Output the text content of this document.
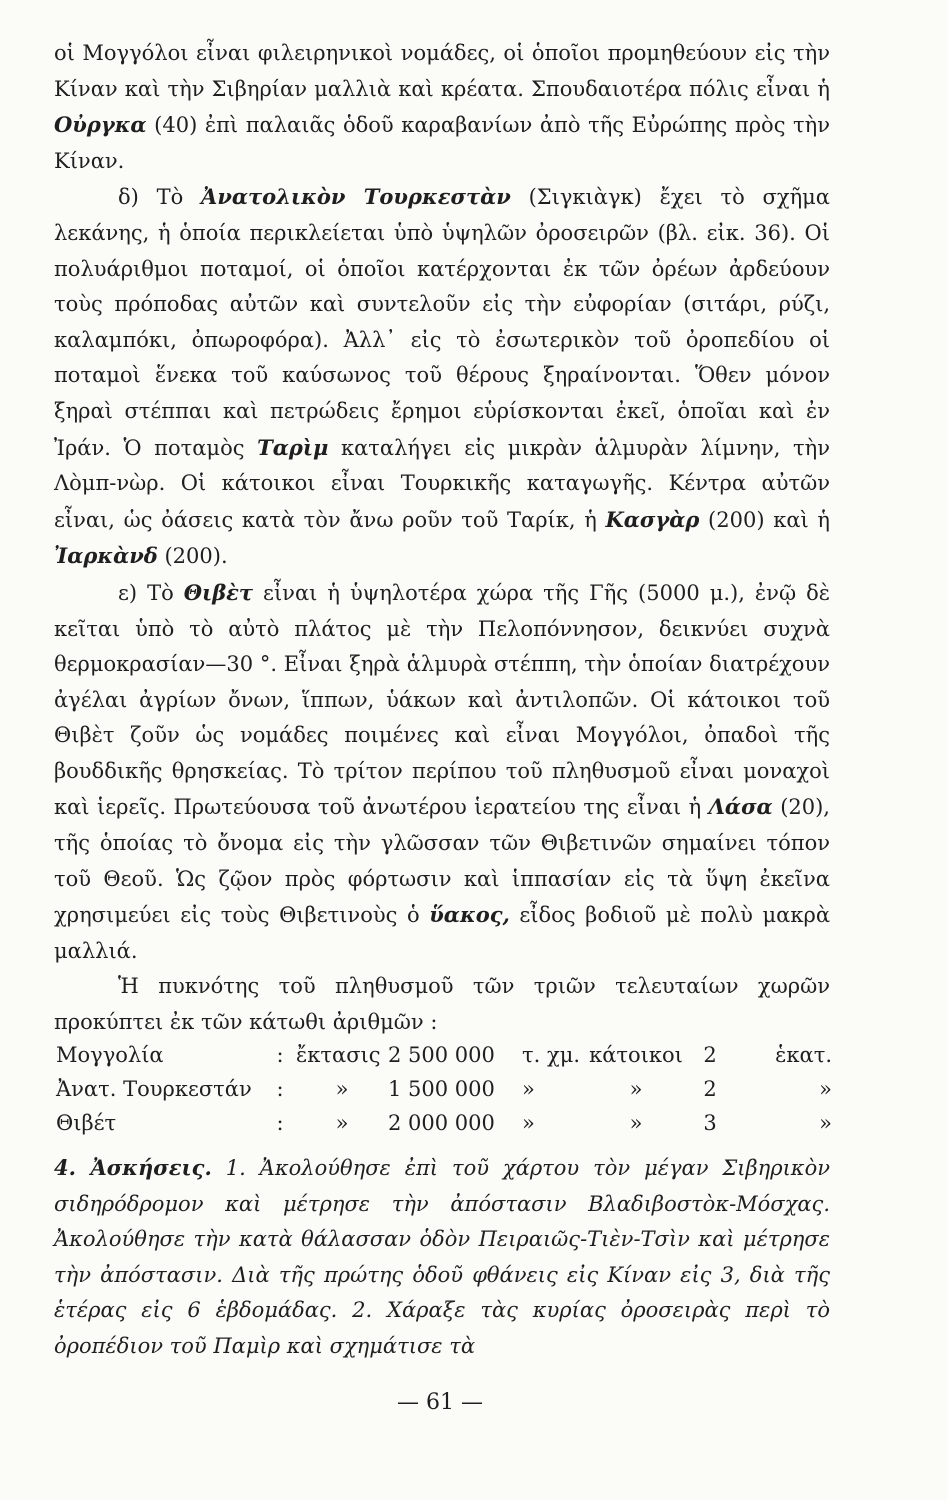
οἱ Μογγόλοι εἶναι φιλειρηνικοὶ νομάδες, οἱ ὁποῖοι προμηθεύουν εἰς τὴν Κίναν καὶ τὴν Σιβηρίαν μαλλιὰ καὶ κρέατα. Σπουδαιοτέρα πόλις εἶναι ἡ Οὐργκα (40) ἐπὶ παλαιᾶς ὁδοῦ καραβανίων ἀπὸ τῆς Εὐρώπης πρὸς τὴν Κίναν.

δ) Τὸ Ἀνατολικὸν Τουρκεστὰν (Σιγκιὰγκ) ἔχει τὸ σχῆμα λεκάνης, ἡ ὁποία περικλείεται ὑπὸ ὑψηλῶν ὀροσειρῶν (βλ. εἰκ. 36). Οἱ πολυάριθμοι ποταμοί, οἱ ὁποῖοι κατέρχονται ἐκ τῶν ὀρέων ἀρδεύουν τοὺς πρόποδας αὐτῶν καὶ συντελοῦν εἰς τὴν εὐφορίαν (σιτάρι, ρύζι, καλαμπόκι, ὀπωροφόρα). Ἀλλ᾽ εἰς τὸ ἐσωτερικὸν τοῦ ὀροπεδίου οἱ ποταμοὶ ἕνεκα τοῦ καύσωνος τοῦ θέρους ξηραίνονται. Ὅθεν μόνον ξηραὶ στέππαι καὶ πετρώδεις ἔρημοι εὑρίσκονται ἐκεῖ, ὁποῖαι καὶ ἐν Ἰράν. Ὁ ποταμὸς Ταρὶμ καταλήγει εἰς μικρὰν ἁλμυρὰν λίμνην, τὴν Λὸμπ-νὼρ. Οἱ κάτοικοι εἶναι Τουρκικῆς καταγωγῆς. Κέντρα αὐτῶν εἶναι, ὡς ὀάσεις κατὰ τὸν ἄνω ροῦν τοῦ Ταρίκ, ἡ Κασγὰρ (200) καὶ ἡ Ἰαρκὰνδ (200).

ε) Τὸ Θιβὲτ εἶναι ἡ ὑψηλοτέρα χώρα τῆς Γῆς (5000 μ.), ἐνῷ δὲ κεῖται ὑπὸ τὸ αὐτὸ πλάτος μὲ τὴν Πελοπόννησον, δεικνύει συχνὰ θερμοκρασίαν—30 °. Εἶναι ξηρὰ ἁλμυρὰ στέππη, τὴν ὁποίαν διατρέχουν ἀγέλαι ἀγρίων ὄνων, ἵππων, ὑάκων καὶ ἀντιλοπῶν. Οἱ κάτοικοι τοῦ Θιβὲτ ζοῦν ὡς νομάδες ποιμένες καὶ εἶναι Μογγόλοι, ὀπαδοὶ τῆς βουδδικῆς θρησκείας. Τὸ τρίτον περίπου τοῦ πληθυσμοῦ εἶναι μοναχοὶ καὶ ἱερεῖς. Πρωτεύουσα τοῦ ἀνωτέρου ἱερατείου της εἶναι ἡ Λάσα (20), τῆς ὁποίας τὸ ὄνομα εἰς τὴν γλῶσσαν τῶν Θιβετινῶν σημαίνει τόπον τοῦ Θεοῦ. Ὡς ζῷον πρὸς φόρτωσιν καὶ ἱππασίαν εἰς τὰ ὕψη ἐκεῖνα χρησιμεύει εἰς τοὺς Θιβετινοὺς ὁ ὕακος, εἶδος βοδιοῦ μὲ πολὺ μακρὰ μαλλιά.

Ἡ πυκνότης τοῦ πληθυσμοῦ τῶν τριῶν τελευταίων χωρῶν προκύπτει ἐκ τῶν κάτωθι ἀριθμῶν :

Μογγολία	:	ἔκτασις	2 500 000	τ. χμ.	κάτοικοι	2	ἑκατ.
Ἀνατ. Τουρκεστάν	:	»	1 500 000	»	»	2	»
Θιβέτ	:	»	2 000 000	»	»	3	»
4. Ἀσκήσεις. 1. Ἀκολούθησε ἐπὶ τοῦ χάρτου τὸν μέγαν Σιβηρικὸν σιδηρόδρομον καὶ μέτρησε τὴν ἀπόστασιν Βλαδιβοστὸκ-Μόσχας. Ἀκολούθησε τὴν κατὰ θάλασσαν ὁδὸν Πειραιῶς-Τιὲν-Τσὶν καὶ μέτρησε τὴν ἀπόστασιν. Διὰ τῆς πρώτης ὁδοῦ φθάνεις εἰς Κίναν εἰς 3, διὰ τῆς ἑτέρας εἰς 6 ἑβδομάδας. 2. Χάραξε τὰς κυρίας ὀροσειρὰς περὶ τὸ ὀροπέδιον τοῦ Παμὶρ καὶ σχημάτισε τὰ
— 61 —
